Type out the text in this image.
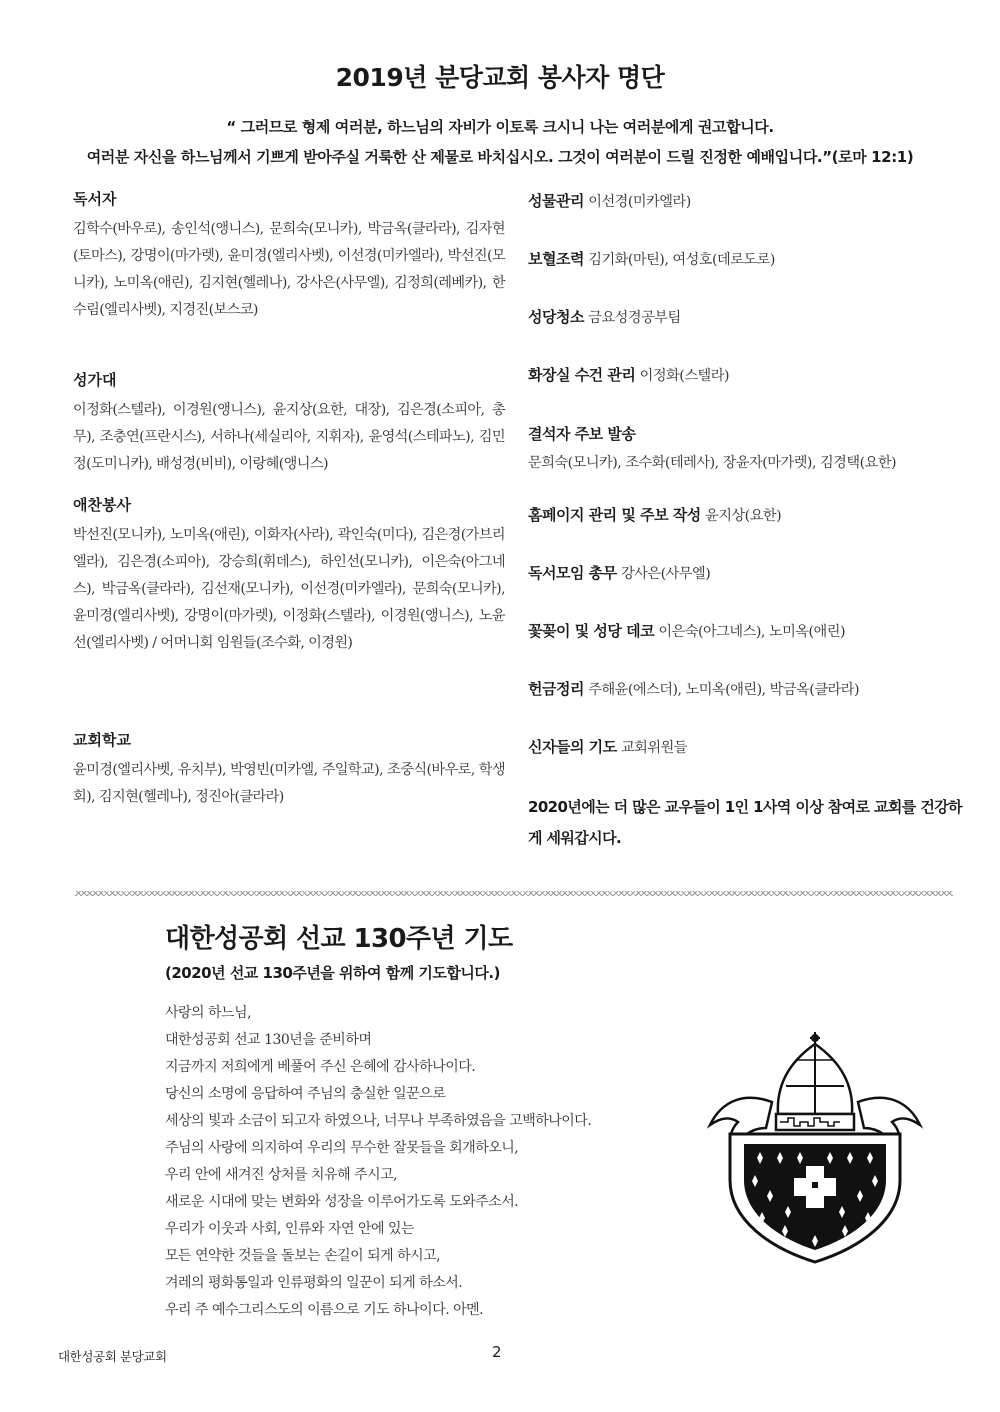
2019년 분당교회 봉사자 명단
“ 그러므로 형제 여러분, 하느님의 자비가 이토록 크시니 나는 여러분에게 권고합니다.
여러분 자신을 하느님께서 기쁘게 받아주실 거룩한 산 제물로 바치십시오. 그것이 여러분이 드릴 진정한 예배입니다.”(로마 12:1)
독서자
김학수(바우로), 송인석(앵니스), 문희숙(모니카), 박금옥(클라라), 김자현(토마스), 강명이(마가렛), 윤미경(엘리사벳), 이선경(미카엘라), 박선진(모니카), 노미옥(애린), 김지현(헬레나), 강사은(사무엘), 김정희(레베카), 한수림(엘리사벳), 지경진(보스코)
성가대
이정화(스텔라), 이경원(앵니스), 윤지상(요한, 대장), 김은경(소피아, 총무), 조충연(프란시스), 서하나(세실리아, 지휘자), 윤영석(스테파노), 김민정(도미니카), 배성경(비비), 이랑혜(앵니스)
애찬봉사
박선진(모니카), 노미옥(애린), 이화자(사라), 곽인숙(미다), 김은경(가브리엘라), 김은경(소피아), 강승희(휘데스), 하인선(모니카), 이은숙(아그네스), 박금옥(클라라), 김선재(모니카), 이선경(미카엘라), 문희숙(모니카), 윤미경(엘리사벳), 강명이(마가렛), 이정화(스텔라), 이경원(앵니스), 노윤선(엘리사벳) / 어머니회 임원들(조수화, 이경원)
교회학교
윤미경(엘리사벳, 유치부), 박영빈(미카엘, 주일학교), 조중식(바우로, 학생회), 김지현(헬레나), 정진아(클라라)
성물관리 이선경(미카엘라)
보혈조력 김기화(마틴), 여성호(데로도로)
성당청소 금요성경공부팀
화장실 수건 관리 이정화(스텔라)
결석자 주보 발송
문희숙(모니카), 조수화(테레사), 장윤자(마가렛), 김경택(요한)
홈페이지 관리 및 주보 작성 윤지상(요한)
독서모임 총무 강사은(사무엘)
꽃꽂이 및 성당 데코 이은숙(아그네스), 노미옥(애린)
헌금정리 주해윤(에스더), 노미옥(애린), 박금옥(클라라)
신자들의 기도 교회위원들
2020년에는 더 많은 교우들이 1인 1사역 이상 참여로 교회를 건강하게 세워갑시다.
대한성공회 선교 130주년 기도
(2020년 선교 130주년을 위하여 함께 기도합니다.)
사랑의 하느님,
대한성공회 선교 130년을 준비하며
지금까지 저희에게 베풀어 주신 은혜에 감사하나이다.
당신의 소명에 응답하여 주님의 충실한 일꾼으로
세상의 빛과 소금이 되고자 하였으나, 너무나 부족하였음을 고백하나이다.
주님의 사랑에 의지하여 우리의 무수한 잘못들을 회개하오니,
우리 안에 새겨진 상처를 치유해 주시고,
새로운 시대에 맞는 변화와 성장을 이루어가도록 도와주소서.
우리가 이웃과 사회, 인류와 자연 안에 있는
모든 연약한 것들을 돌보는 손길이 되게 하시고,
겨레의 평화통일과 인류평화의 일꾼이 되게 하소서.
우리 주 예수그리스도의 이름으로 기도 하나이다. 아멘.
대한성공회 분당교회	2
